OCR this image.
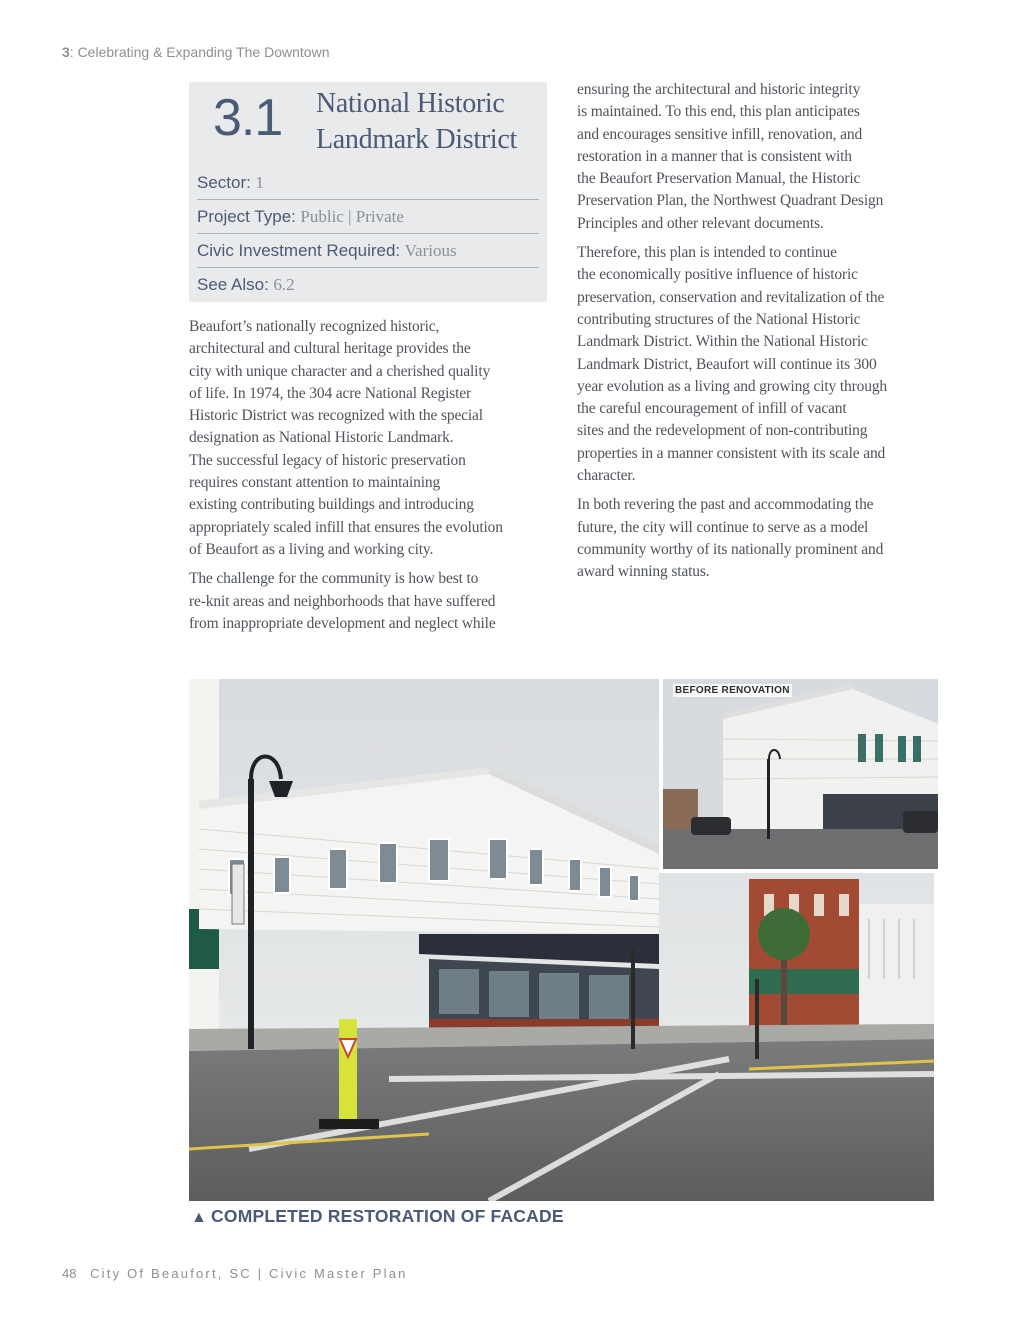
3: Celebrating & Expanding The Downtown
3.1 National Historic
Landmark District
Sector: 1
Project Type: Public | Private
Civic Investment Required: Various
See Also: 6.2

Beaufort’s nationally recognized historic,
architectural and cultural heritage provides the
city with unique character and a cherished quality
of life. In 1974, the 304 acre National Register
Historic District was recognized with the special
designation as National Historic Landmark.
The successful legacy of historic preservation
requires constant attention to maintaining
existing contributing buildings and introducing
appropriately scaled infill that ensures the evolution
of Beaufort as a living and working city.

The challenge for the community is how best to
re-knit areas and neighborhoods that have suffered
from inappropriate development and neglect while

ensuring the architectural and historic integrity
is maintained. To this end, this plan anticipates
and encourages sensitive infill, renovation, and
restoration in a manner that is consistent with
the Beaufort Preservation Manual, the Historic
Preservation Plan, the Northwest Quadrant Design
Principles and other relevant documents.

Therefore, this plan is intended to continue
the economically positive influence of historic
preservation, conservation and revitalization of the
contributing structures of the National Historic
Landmark District. Within the National Historic
Landmark District, Beaufort will continue its 300
year evolution as a living and growing city through
the careful encouragement of infill of vacant
sites and the redevelopment of non-contributing
properties in a manner consistent with its scale and
character.

In both revering the past and accommodating the
future, the city will continue to serve as a model
community worthy of its nationally prominent and
award winning status.

BEFORE RENOVATION
▲ COMPLETED RESTORATION OF FACADE
48 City Of Beaufort, SC | Civic Master Plan
